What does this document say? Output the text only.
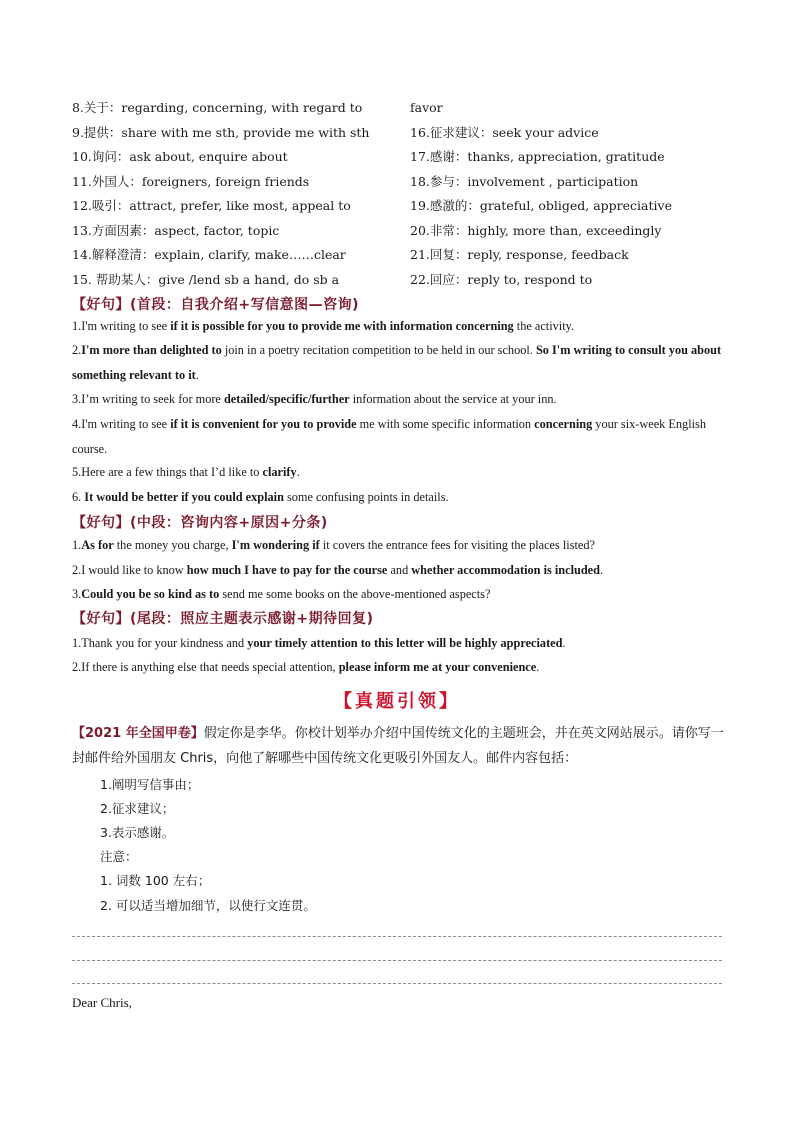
8.关于：regarding, concerning, with regard to	favor
9.提供：share with me sth, provide me with sth	16.征求建议：seek your advice
10.询问：ask about, enquire about	17.感谢：thanks, appreciation, gratitude
11.外国人：foreigners, foreign friends	18.参与：involvement , participation
12.吸引：attract, prefer, like most, appeal to	19.感激的：grateful, obliged, appreciative
13.方面因素：aspect, factor, topic	20.非常：highly, more than, exceedingly
14.解释澄清：explain, clarify, make……clear	21.回复：reply, response, feedback
15. 帮助某人：give /lend sb a hand, do sb a	22.回应：reply to, respond to
【好句】(首段：自我介绍+写信意图—咨询)
1.I'm writing to see if it is possible for you to provide me with information concerning the activity.
2.I'm more than delighted to join in a poetry recitation competition to be held in our school. So I'm writing to consult you about something relevant to it.
3.I’m writing to seek for more detailed/specific/further information about the service at your inn.
4.I'm writing to see if it is convenient for you to provide me with some specific information concerning your six-week English course.
5.Here are a few things that I’d like to clarify.
6. It would be better if you could explain some confusing points in details.
【好句】(中段：咨询内容+原因+分条)
1.As for the money you charge, I'm wondering if it covers the entrance fees for visiting the places listed?
2.I would like to know how much I have to pay for the course and whether accommodation is included.
3.Could you be so kind as to send me some books on the above-mentioned aspects?
【好句】(尾段：照应主题表示感谢+期待回复)
1.Thank you for your kindness and your timely attention to this letter will be highly appreciated.
2.If there is anything else that needs special attention, please inform me at your convenience.
【真题引领】
【2021 年全国甲卷】假定你是李华。你校计划举办介绍中国传统文化的主题班会，并在英文网站展示。请你写一封邮件给外国朋友 Chris，向他了解哪些中国传统文化更吸引外国友人。邮件内容包括：
1.阐明写信事由；
2.征求建议；
3.表示感谢。
注意：
1. 词数 100 左右；
2. 可以适当增加细节，以使行文连贯。
Dear Chris,
